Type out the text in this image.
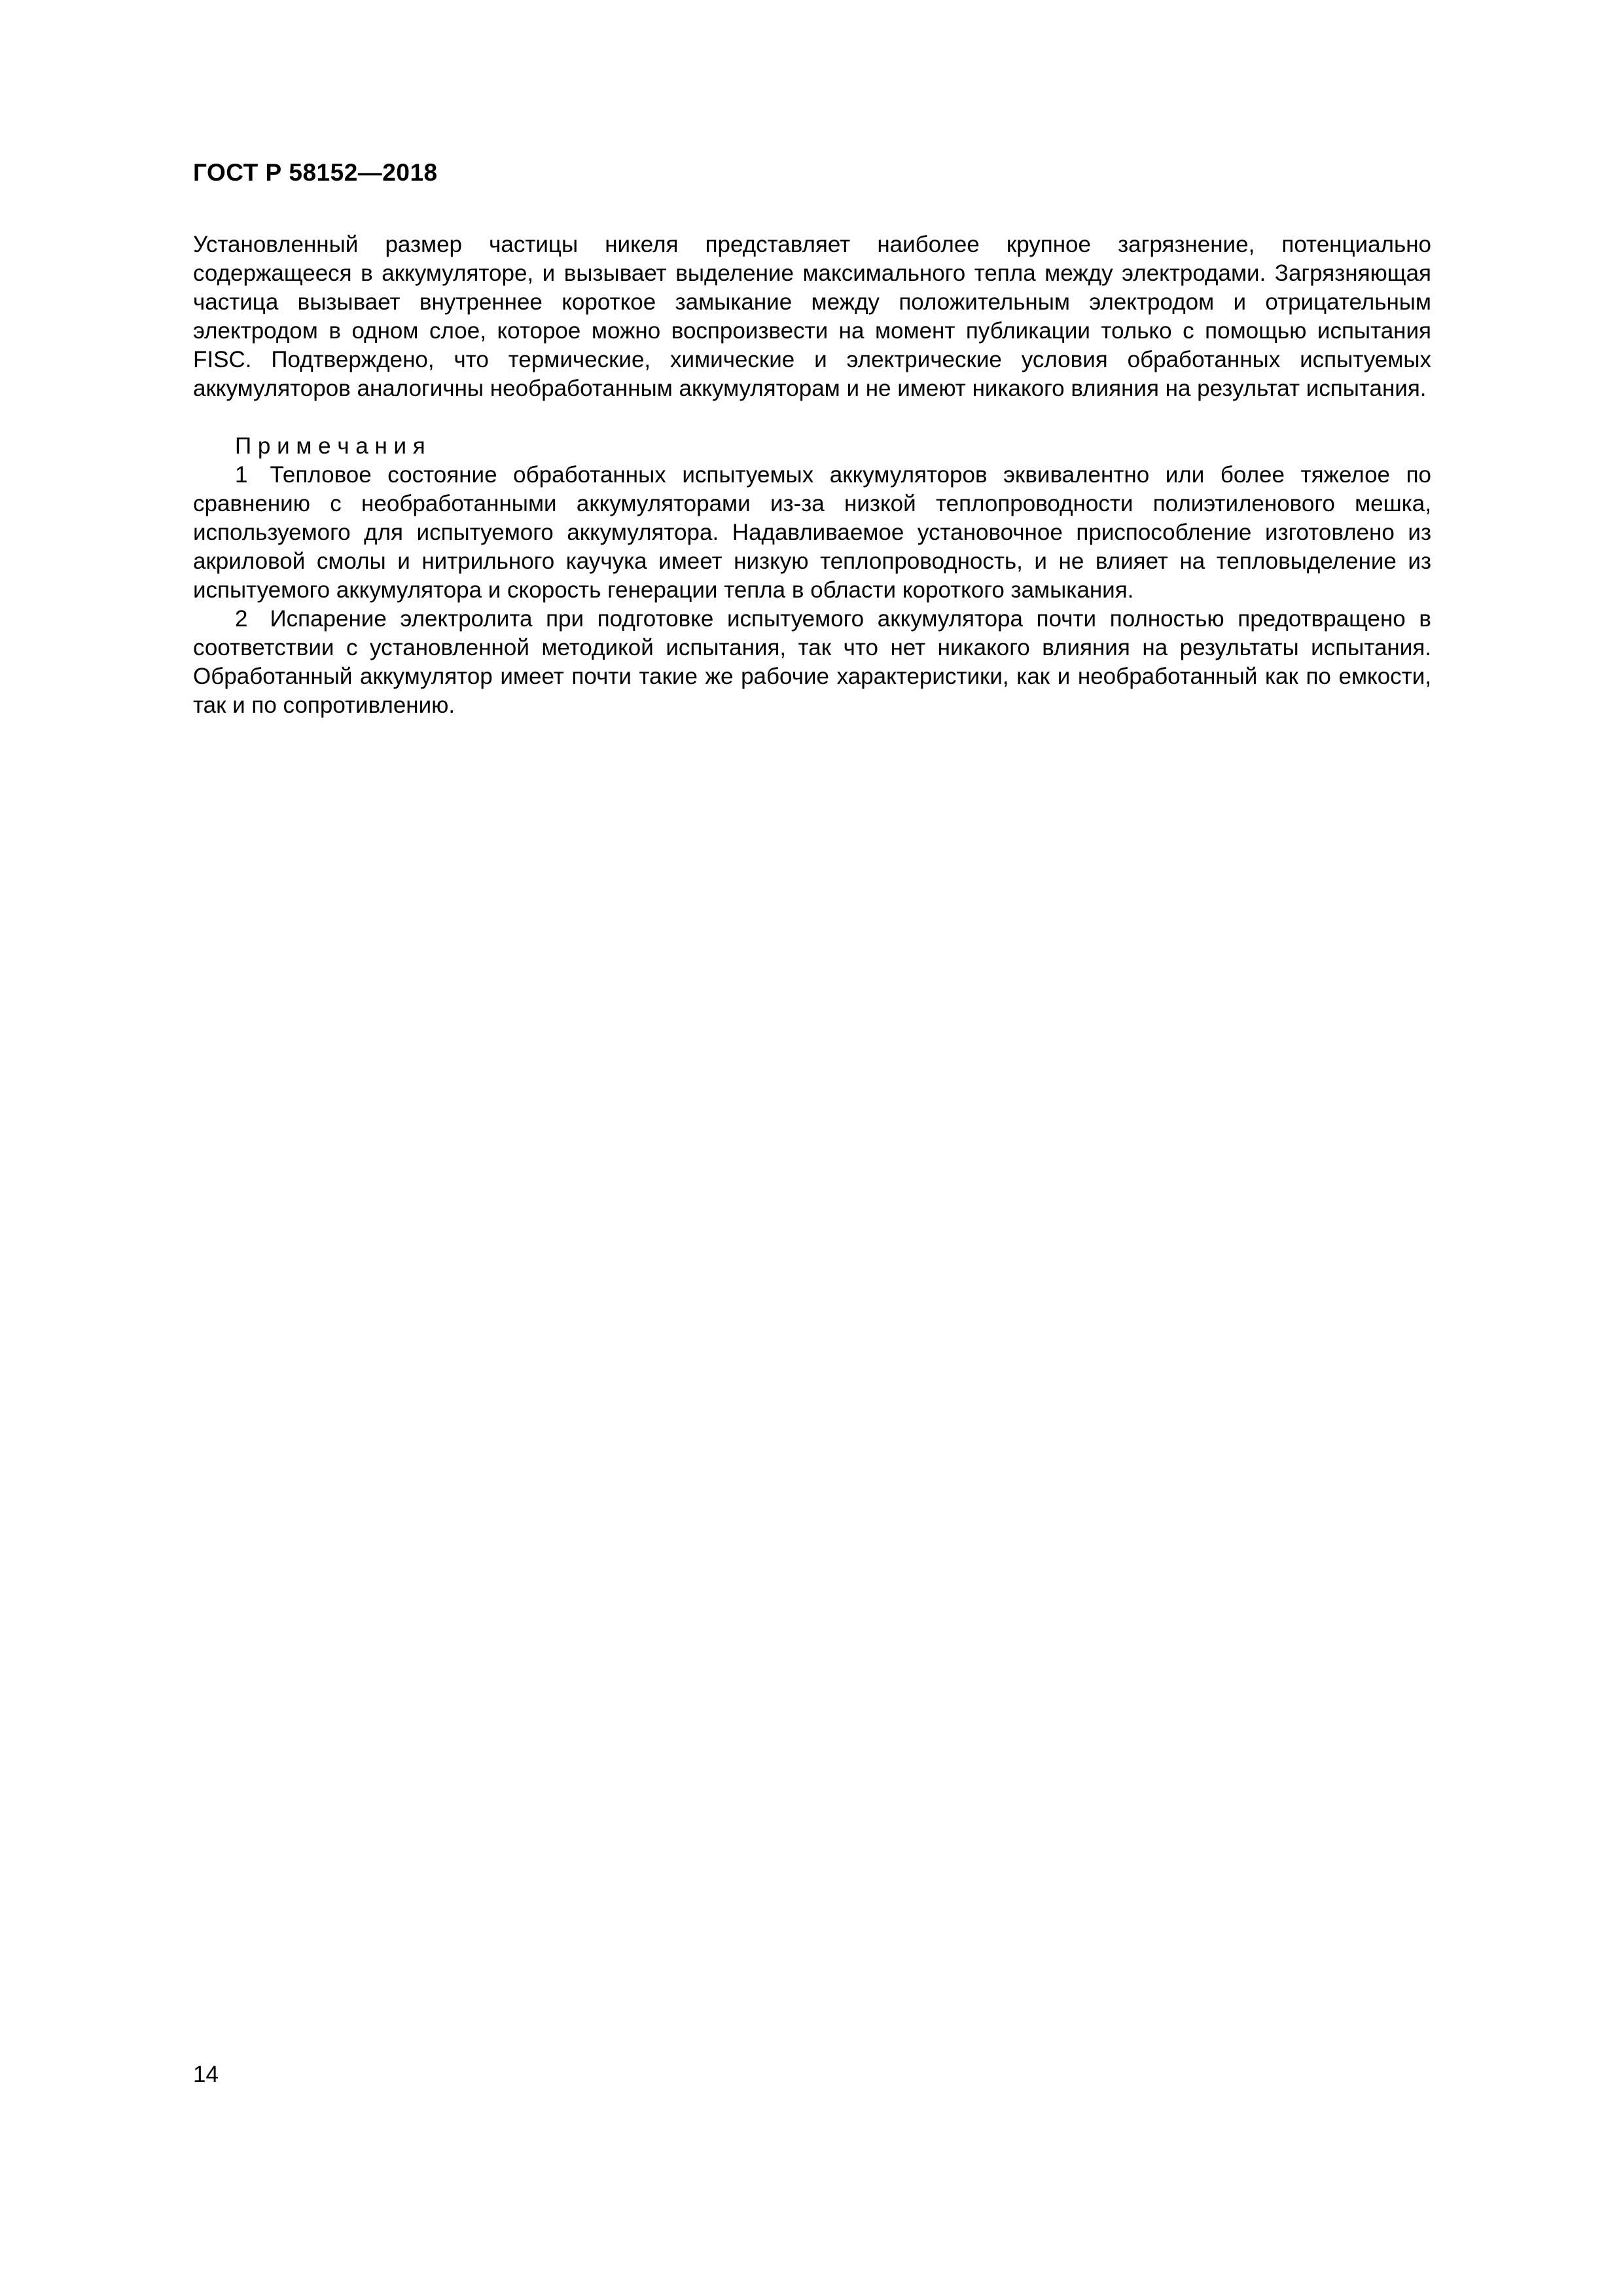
ГОСТ Р 58152—2018

Установленный размер частицы никеля представляет наиболее крупное загрязнение, потенциально содержащееся в аккумуляторе, и вызывает выделение максимального тепла между электродами. Загрязняющая частица вызывает внутреннее короткое замыкание между положительным электродом и отрицательным электродом в одном слое, которое можно воспроизвести на момент публикации только с помощью испытания FISC. Подтверждено, что термические, химические и электрические условия обработанных испытуемых аккумуляторов аналогичны необработанным аккумуляторам и не имеют никакого влияния на результат испытания.

П р и м е ч а н и я

1 Тепловое состояние обработанных испытуемых аккумуляторов эквивалентно или более тяжелое по сравнению с необработанными аккумуляторами из-за низкой теплопроводности полиэтиленового мешка, используемого для испытуемого аккумулятора. Надавливаемое установочное приспособление изготовлено из акриловой смолы и нитрильного каучука имеет низкую теплопроводность, и не влияет на тепловыделение из испытуемого аккумулятора и скорость генерации тепла в области короткого замыкания.

2 Испарение электролита при подготовке испытуемого аккумулятора почти полностью предотвращено в соответствии с установленной методикой испытания, так что нет никакого влияния на результаты испытания. Обработанный аккумулятор имеет почти такие же рабочие характеристики, как и необработанный как по емкости, так и по сопротивлению.

14
